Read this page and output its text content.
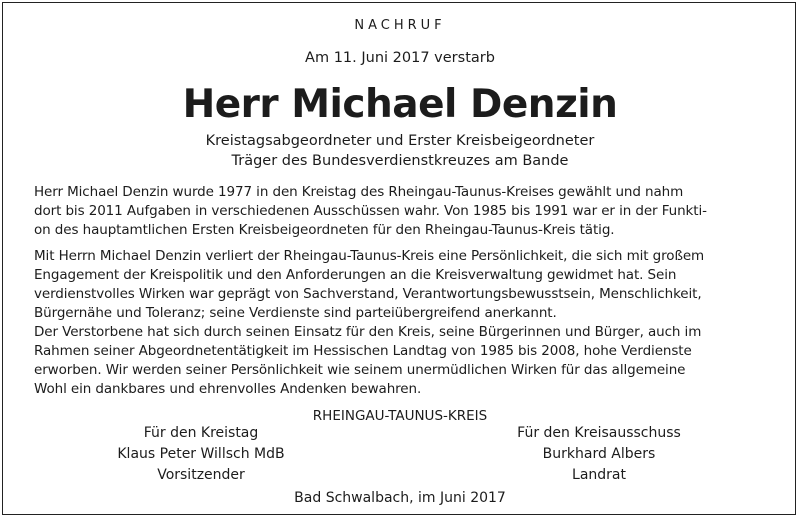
NACHRUF
Am 11. Juni 2017 verstarb
Herr Michael Denzin
Kreistagsabgeordneter und Erster Kreisbeigeordneter
Träger des Bundesverdienstkreuzes am Bande
Herr Michael Denzin wurde 1977 in den Kreistag des Rheingau-Taunus-Kreises gewählt und nahm
dort bis 2011 Aufgaben in verschiedenen Ausschüssen wahr. Von 1985 bis 1991 war er in der Funkti-
on des hauptamtlichen Ersten Kreisbeigeordneten für den Rheingau-Taunus-Kreis tätig.
Mit Herrn Michael Denzin verliert der Rheingau-Taunus-Kreis eine Persönlichkeit, die sich mit großem
Engagement der Kreispolitik und den Anforderungen an die Kreisverwaltung gewidmet hat. Sein
verdienstvolles Wirken war geprägt von Sachverstand, Verantwortungsbewusstsein, Menschlichkeit,
Bürgernähe und Toleranz; seine Verdienste sind parteiübergreifend anerkannt.
Der Verstorbene hat sich durch seinen Einsatz für den Kreis, seine Bürgerinnen und Bürger, auch im
Rahmen seiner Abgeordnetentätigkeit im Hessischen Landtag von 1985 bis 2008, hohe Verdienste
erworben. Wir werden seiner Persönlichkeit wie seinem unermüdlichen Wirken für das allgemeine
Wohl ein dankbares und ehrenvolles Andenken bewahren.
RHEINGAU-TAUNUS-KREIS
Für den Kreistag
Klaus Peter Willsch MdB
Vorsitzender
Für den Kreisausschuss
Burkhard Albers
Landrat
Bad Schwalbach, im Juni 2017
